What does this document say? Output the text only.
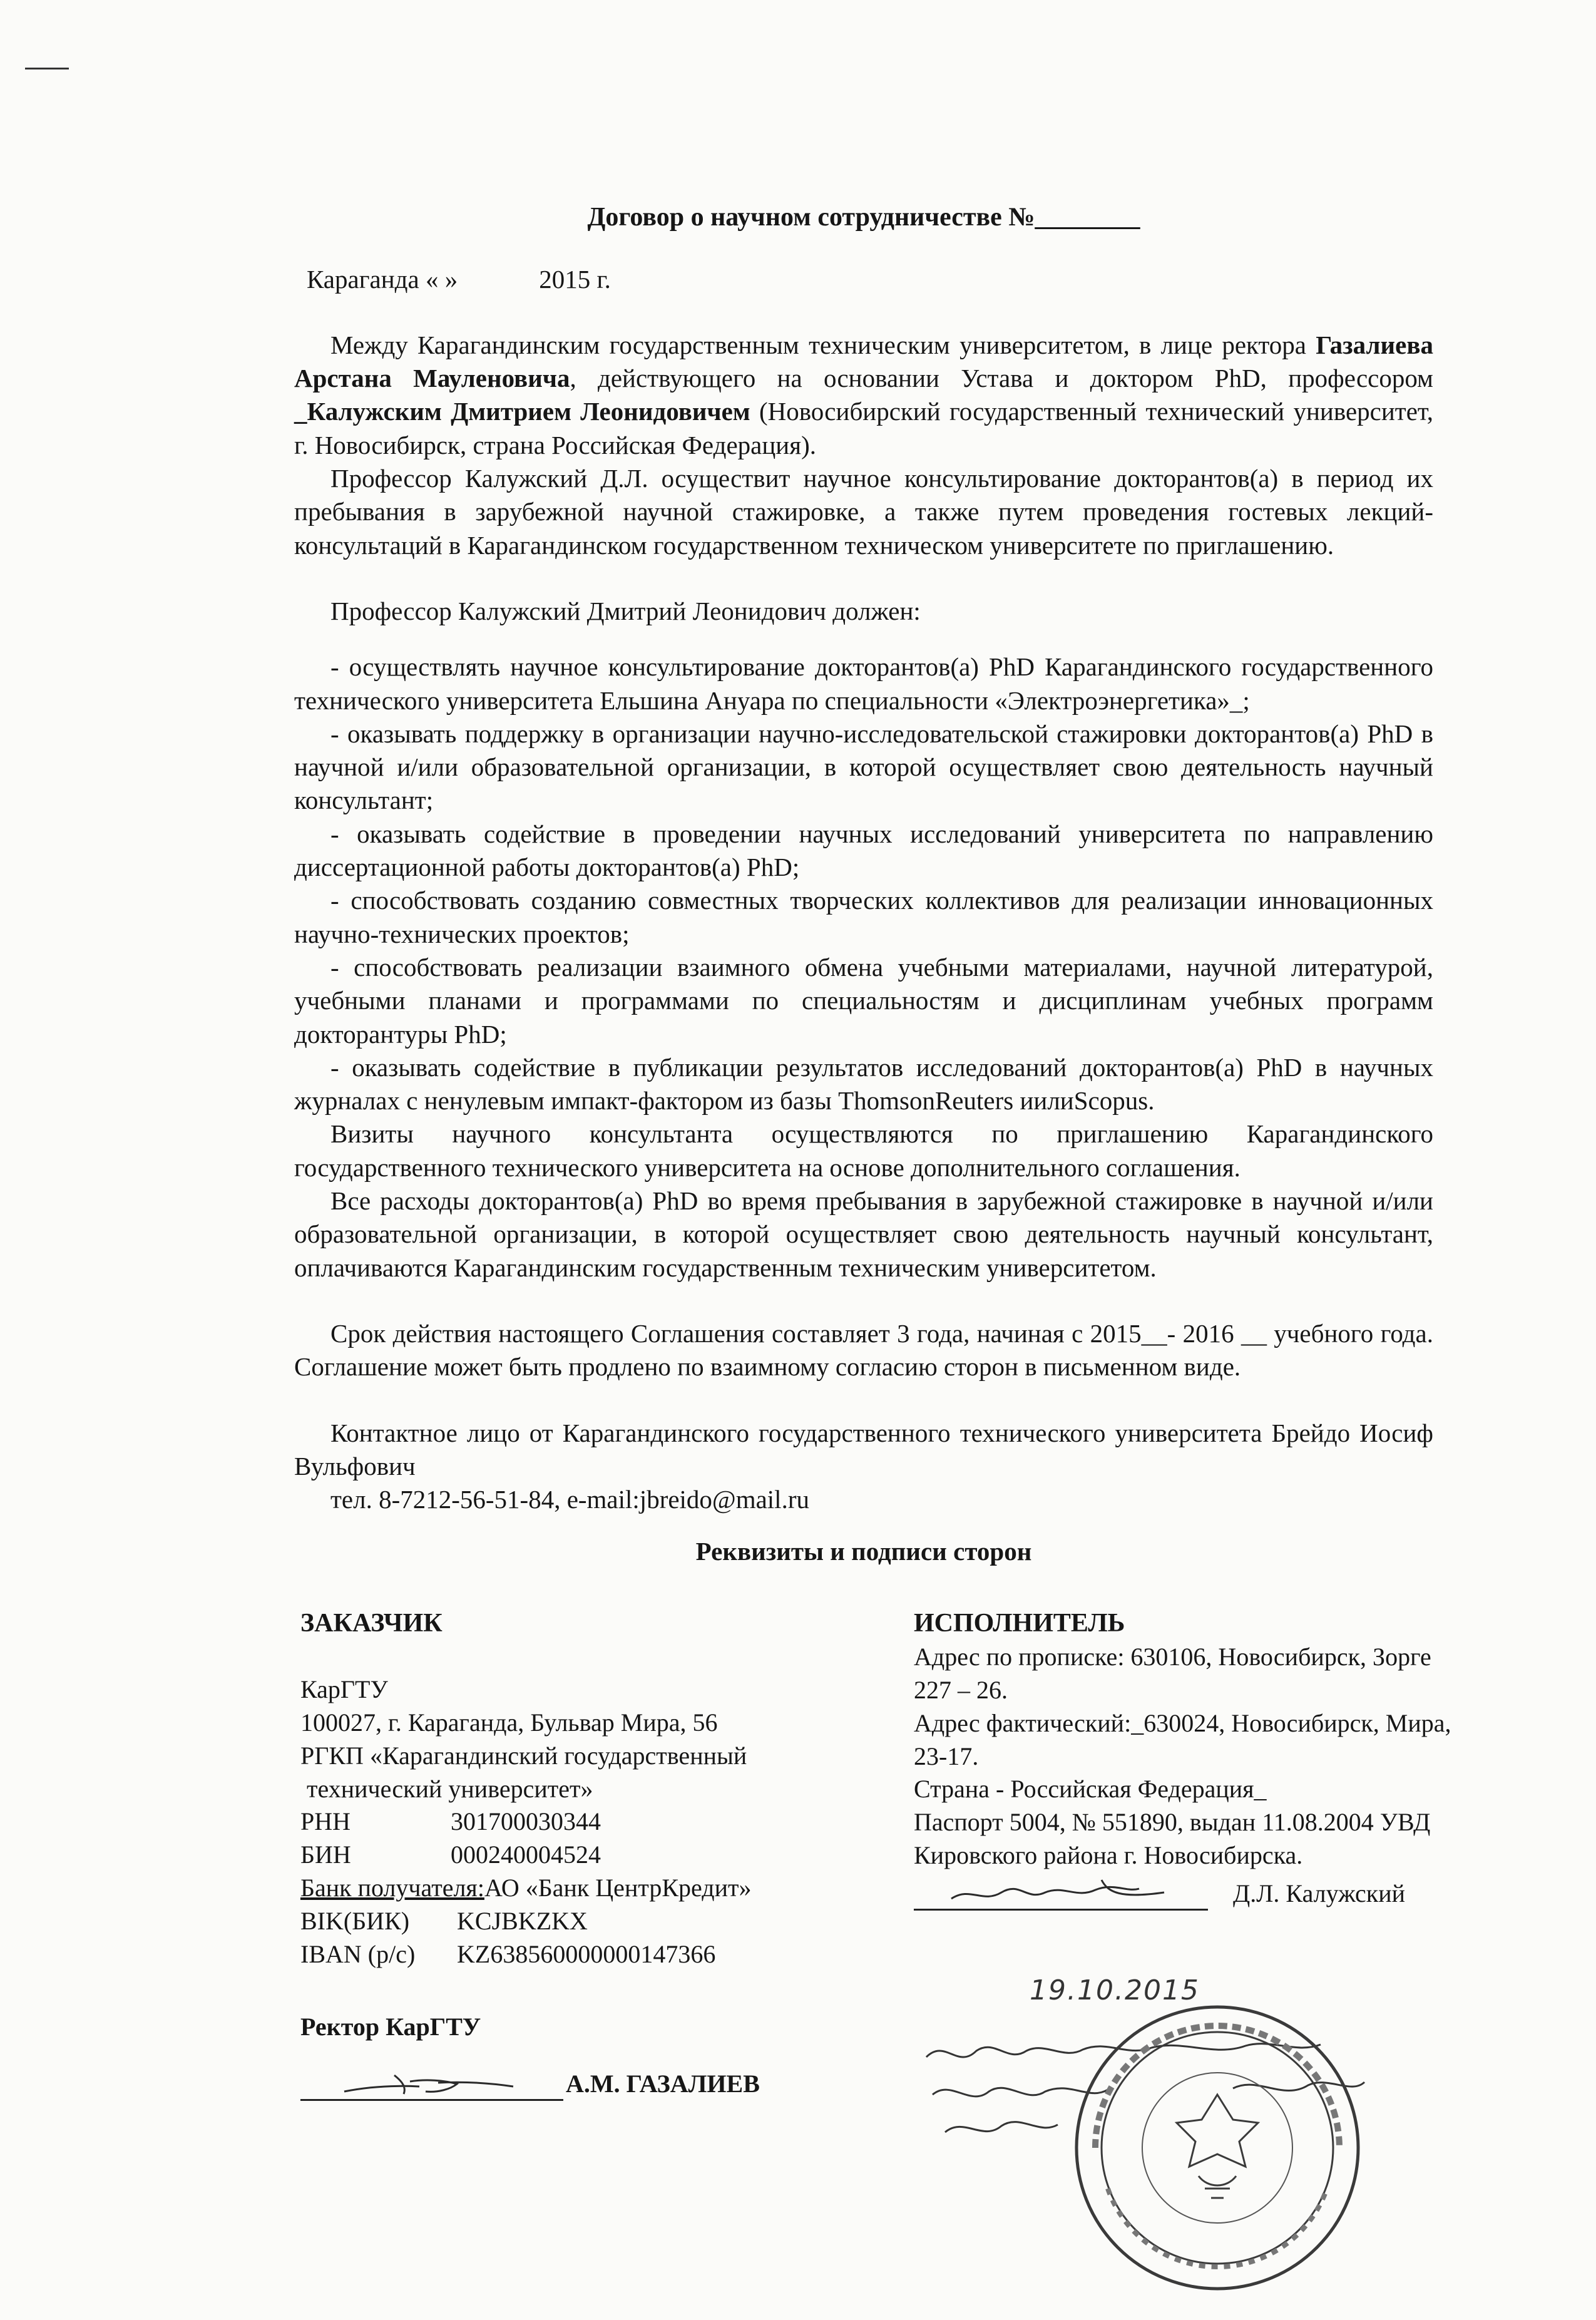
Договор о научном сотрудничестве №________
Караганда « »	2015 г.

Между Карагандинским государственным техническим университетом, в лице ректора Газалиева Арстана Мауленовича, действующего на основании Устава и доктором PhD, профессором _Калужским Дмитрием Леонидовичем (Новосибирский государственный технический университет, г. Новосибирск, страна Российская Федерация).

Профессор Калужский Д.Л. осуществит научное консультирование докторантов(а) в период их пребывания в зарубежной научной стажировке, а также путем проведения гостевых лекций-консультаций в Карагандинском государственном техническом университете по приглашению.

Профессор Калужский Дмитрий Леонидович должен:

- осуществлять научное консультирование докторантов(а) PhD Карагандинского государственного технического университета Ельшина Ануара по специальности «Электроэнергетика»_;

- оказывать поддержку в организации научно-исследовательской стажировки докторантов(а) PhD в научной и/или образовательной организации, в которой осуществляет свою деятельность научный консультант;

- оказывать содействие в проведении научных исследований университета по направлению диссертационной работы докторантов(а) PhD;

- способствовать созданию совместных творческих коллективов для реализации инновационных научно-технических проектов;

- способствовать реализации взаимного обмена учебными материалами, научной литературой, учебными планами и программами по специальностям и дисциплинам учебных программ докторантуры PhD;

- оказывать содействие в публикации результатов исследований докторантов(а) PhD в научных журналах с ненулевым импакт-фактором из базы ThomsonReuters иилиScopus.

Визиты научного консультанта осуществляются по приглашению Карагандинского государственного технического университета на основе дополнительного соглашения.

Все расходы докторантов(а) PhD во время пребывания в зарубежной стажировке в научной и/или образовательной организации, в которой осуществляет свою деятельность научный консультант, оплачиваются Карагандинским государственным техническим университетом.

Срок действия настоящего Соглашения составляет 3 года, начиная с 2015__- 2016 __ учебного года. Соглашение может быть продлено по взаимному согласию сторон в письменном виде.

Контактное лицо от Карагандинского государственного технического университета Брейдо Иосиф Вульфович

тел. 8-7212-56-51-84, e-mail:jbreido@mail.ru

Реквизиты и подписи сторон
ЗАКАЗЧИК
КарГТУ
100027, г. Караганда, Бульвар Мира, 56
РГКП «Карагандинский государственный
технический университет»
РНН	301700030344
БИН	000240004524
Банк получателя:АО «Банк ЦентрКредит»
BIK(БИК)	KCJBKZKX
IBAN (р/с)	KZ638560000000147366
Ректор КарГТУ
А.М. ГАЗАЛИЕВ
ИСПОЛНИТЕЛЬ
Адрес по прописке: 630106, Новосибирск, Зорге 227 – 26.
Адрес фактический:_630024, Новосибирск, Мира, 23-17.
Страна - Российская Федерация_
Паспорт 5004, № 551890, выдан 11.08.2004 УВД Кировского района г. Новосибирска.
Д.Л. Калужский
19.10.2015
